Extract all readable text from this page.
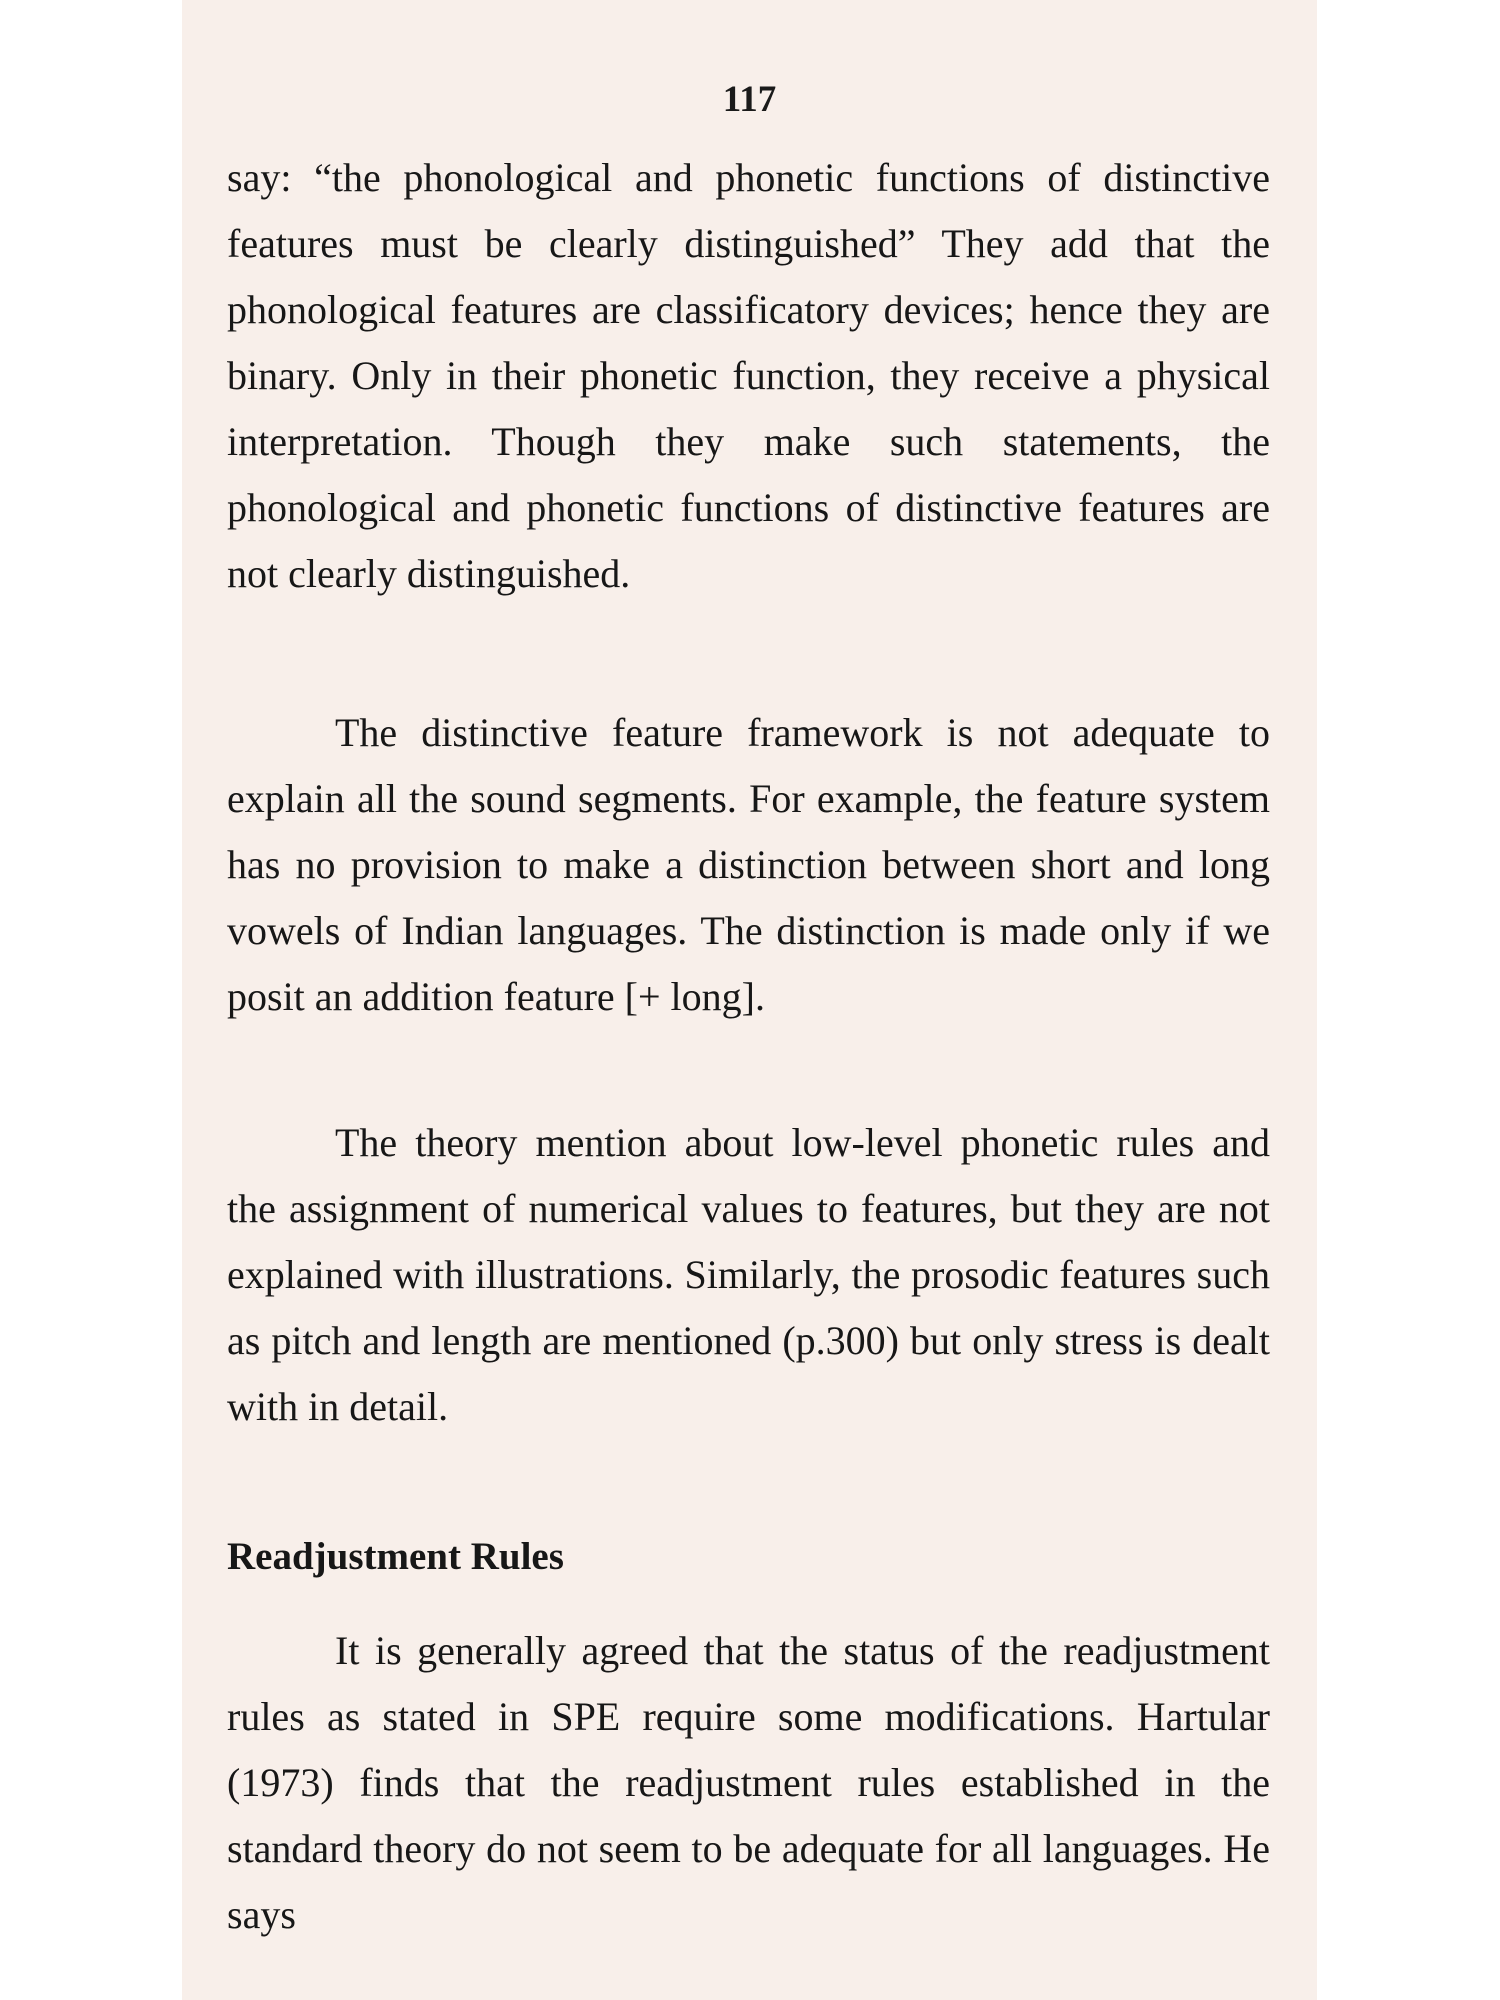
117

say: “the phonological and phonetic functions of distinctive features must be clearly distinguished” They add that the phonological features are classificatory devices; hence they are binary. Only in their phonetic function, they receive a physical interpretation. Though they make such statements, the phonological and phonetic functions of distinctive features are not clearly distinguished.

The distinctive feature framework is not adequate to explain all the sound segments. For example, the feature system has no provision to make a distinction between short and long vowels of Indian languages. The distinction is made only if we posit an addition feature [+ long].

The theory mention about low-level phonetic rules and the assignment of numerical values to features, but they are not explained with illustrations. Similarly, the prosodic features such as pitch and length are mentioned (p.300) but only stress is dealt with in detail.

Readjustment Rules

It is generally agreed that the status of the readjustment rules as stated in SPE require some modifications. Hartular (1973) finds that the readjustment rules established in the standard theory do not seem to be adequate for all languages. He says
